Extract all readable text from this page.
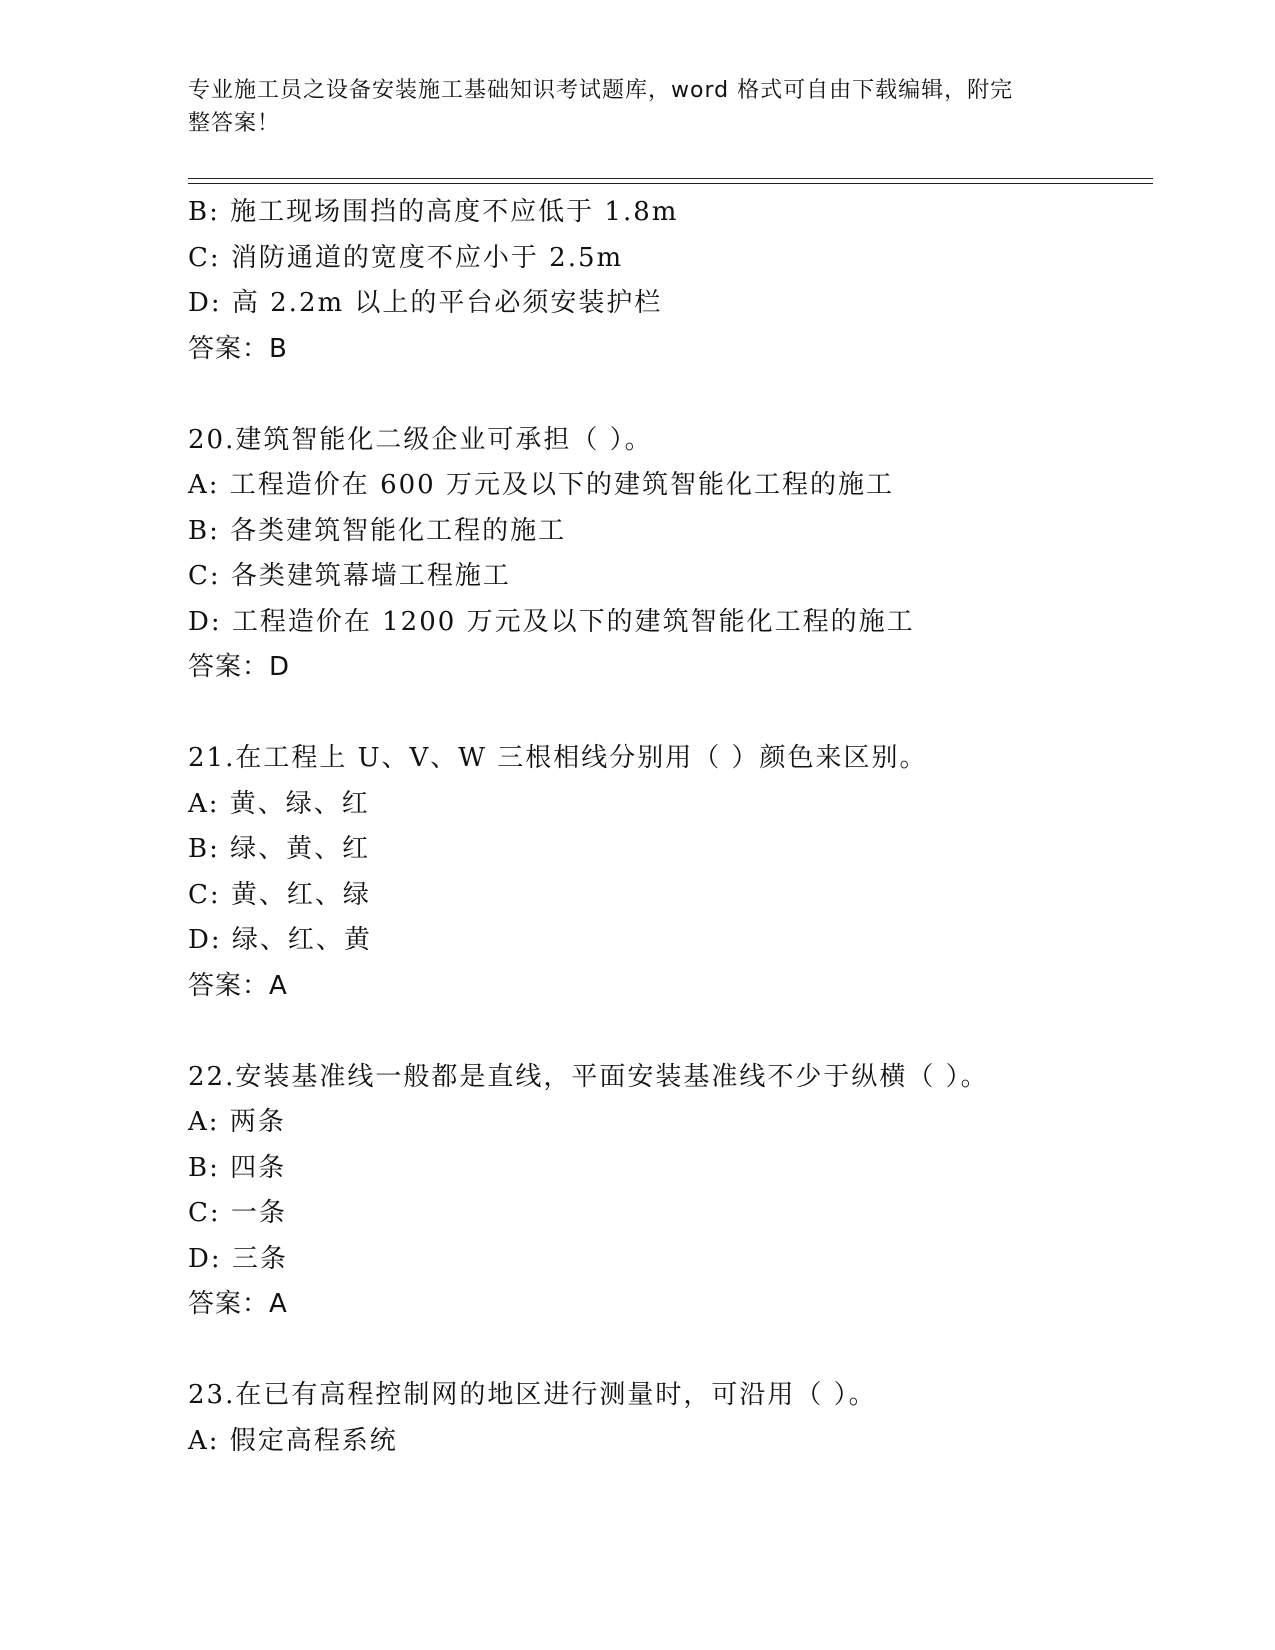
专业施工员之设备安装施工基础知识考试题库，word 格式可自由下载编辑，附完
整答案！
B: 施工现场围挡的高度不应低于 1.8m
C: 消防通道的宽度不应小于 2.5m
D: 高 2.2m 以上的平台必须安装护栏
答案：B
20.建筑智能化二级企业可承担（ ）。
A: 工程造价在 600 万元及以下的建筑智能化工程的施工
B: 各类建筑智能化工程的施工
C: 各类建筑幕墙工程施工
D: 工程造价在 1200 万元及以下的建筑智能化工程的施工
答案：D
21.在工程上 U、V、W 三根相线分别用（ ）颜色来区别。
A: 黄、绿、红
B: 绿、黄、红
C: 黄、红、绿
D: 绿、红、黄
答案：A
22.安装基准线一般都是直线，平面安装基准线不少于纵横（ ）。
A: 两条
B: 四条
C: 一条
D: 三条
答案：A
23.在已有高程控制网的地区进行测量时，可沿用（ ）。
A: 假定高程系统
